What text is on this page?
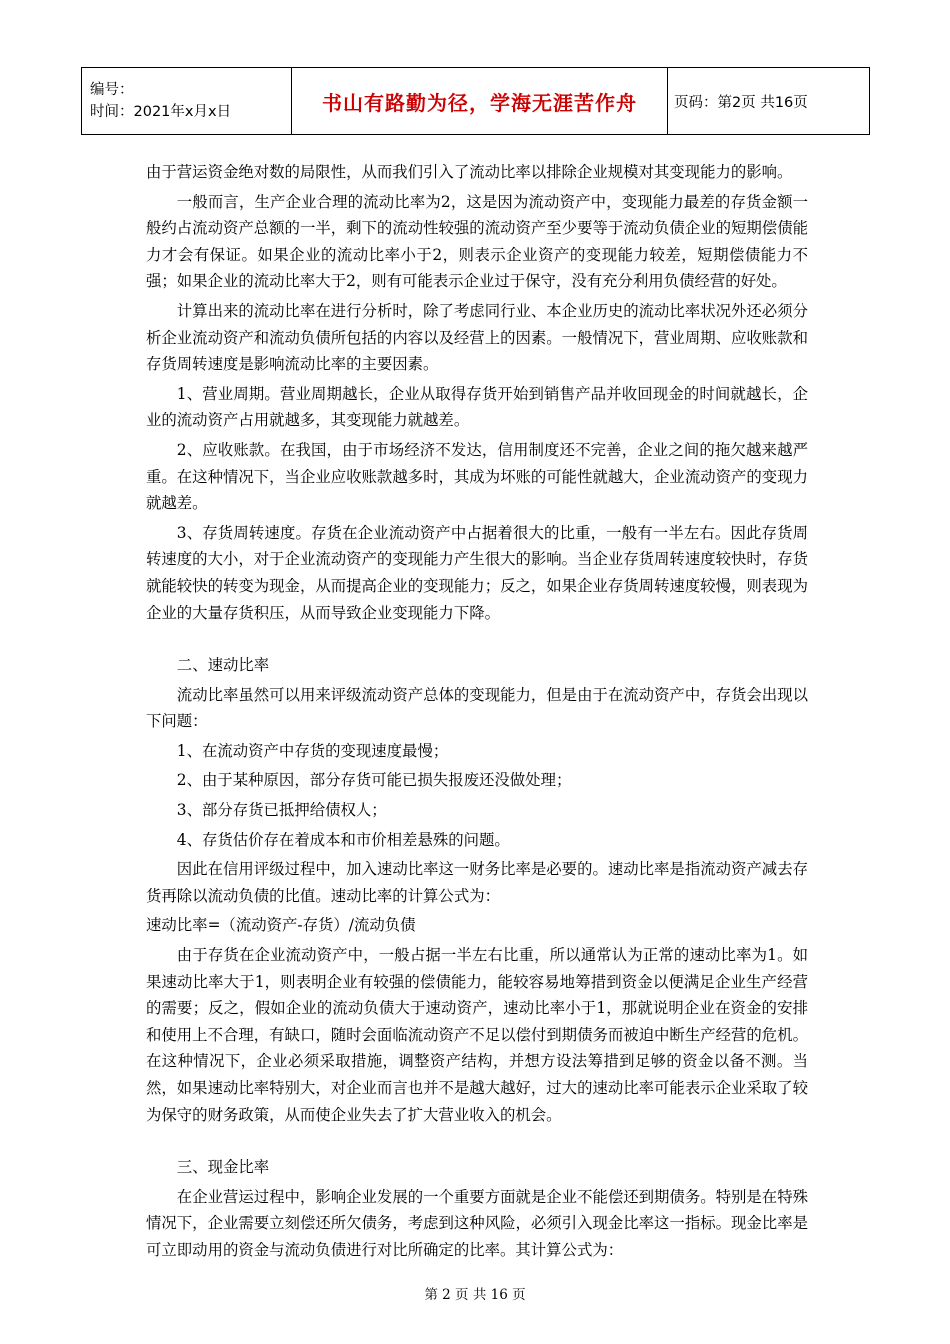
编号：
时间：2021年x月x日	书山有路勤为径，学海无涯苦作舟	页码：第2页 共16页

由于营运资金绝对数的局限性，从而我们引入了流动比率以排除企业规模对其变现能力的影响。

一般而言，生产企业合理的流动比率为2，这是因为流动资产中，变现能力最差的存货金额一般约占流动资产总额的一半，剩下的流动性较强的流动资产至少要等于流动负债企业的短期偿债能力才会有保证。如果企业的流动比率小于2，则表示企业资产的变现能力较差，短期偿债能力不强；如果企业的流动比率大于2，则有可能表示企业过于保守，没有充分利用负债经营的好处。

计算出来的流动比率在进行分析时，除了考虑同行业、本企业历史的流动比率状况外还必须分析企业流动资产和流动负债所包括的内容以及经营上的因素。一般情况下，营业周期、应收账款和存货周转速度是影响流动比率的主要因素。

1、营业周期。营业周期越长，企业从取得存货开始到销售产品并收回现金的时间就越长，企业的流动资产占用就越多，其变现能力就越差。

2、应收账款。在我国，由于市场经济不发达，信用制度还不完善，企业之间的拖欠越来越严重。在这种情况下，当企业应收账款越多时，其成为坏账的可能性就越大，企业流动资产的变现力就越差。

3、存货周转速度。存货在企业流动资产中占据着很大的比重，一般有一半左右。因此存货周转速度的大小，对于企业流动资产的变现能力产生很大的影响。当企业存货周转速度较快时，存货就能较快的转变为现金，从而提高企业的变现能力；反之，如果企业存货周转速度较慢，则表现为企业的大量存货积压，从而导致企业变现能力下降。

二、速动比率

流动比率虽然可以用来评级流动资产总体的变现能力，但是由于在流动资产中，存货会出现以下问题：

1、在流动资产中存货的变现速度最慢；

2、由于某种原因，部分存货可能已损失报废还没做处理；

3、部分存货已抵押给债权人；

4、存货估价存在着成本和市价相差悬殊的问题。

因此在信用评级过程中，加入速动比率这一财务比率是必要的。速动比率是指流动资产减去存货再除以流动负债的比值。速动比率的计算公式为：

速动比率=（流动资产-存货）/流动负债

由于存货在企业流动资产中，一般占据一半左右比重，所以通常认为正常的速动比率为1。如果速动比率大于1，则表明企业有较强的偿债能力，能较容易地筹措到资金以便满足企业生产经营的需要；反之，假如企业的流动负债大于速动资产，速动比率小于1，那就说明企业在资金的安排和使用上不合理，有缺口，随时会面临流动资产不足以偿付到期债务而被迫中断生产经营的危机。在这种情况下，企业必须采取措施，调整资产结构，并想方设法筹措到足够的资金以备不测。当然，如果速动比率特别大，对企业而言也并不是越大越好，过大的速动比率可能表示企业采取了较为保守的财务政策，从而使企业失去了扩大营业收入的机会。

三、现金比率

在企业营运过程中，影响企业发展的一个重要方面就是企业不能偿还到期债务。特别是在特殊情况下，企业需要立刻偿还所欠债务，考虑到这种风险，必须引入现金比率这一指标。现金比率是可立即动用的资金与流动负债进行对比所确定的比率。其计算公式为：

第 2 页 共 16 页
